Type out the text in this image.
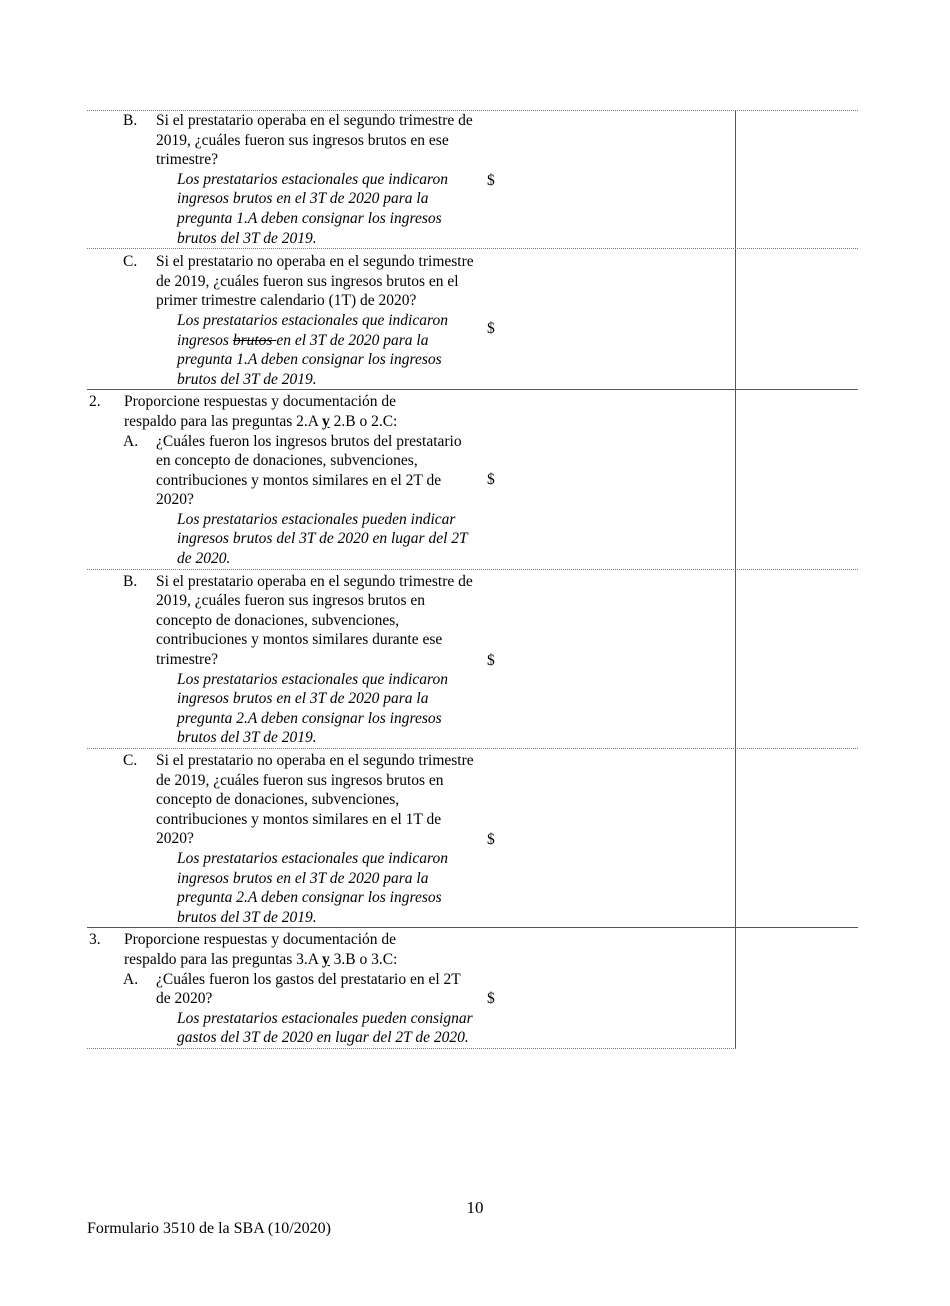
B.	Si el prestatario operaba en el segundo trimestre de 2019, ¿cuáles fueron sus ingresos brutos en ese trimestre?
Los prestatarios estacionales que indicaron ingresos brutos en el 3T de 2020 para la pregunta 1.A deben consignar los ingresos brutos del 3T de 2019.
$
C.	Si el prestatario no operaba en el segundo trimestre de 2019, ¿cuáles fueron sus ingresos brutos en el primer trimestre calendario (1T) de 2020?
Los prestatarios estacionales que indicaron ingresos brutos en el 3T de 2020 para la pregunta 1.A deben consignar los ingresos brutos del 3T de 2019.
$
2.	Proporcione respuestas y documentación de respaldo para las preguntas 2.A y 2.B o 2.C:
A.	¿Cuáles fueron los ingresos brutos del prestatario en concepto de donaciones, subvenciones, contribuciones y montos similares en el 2T de 2020?
Los prestatarios estacionales pueden indicar ingresos brutos del 3T de 2020 en lugar del 2T de 2020.
$
B.	Si el prestatario operaba en el segundo trimestre de 2019, ¿cuáles fueron sus ingresos brutos en concepto de donaciones, subvenciones, contribuciones y montos similares durante ese trimestre?
Los prestatarios estacionales que indicaron ingresos brutos en el 3T de 2020 para la pregunta 2.A deben consignar los ingresos brutos del 3T de 2019.
$
C.	Si el prestatario no operaba en el segundo trimestre de 2019, ¿cuáles fueron sus ingresos brutos en concepto de donaciones, subvenciones, contribuciones y montos similares en el 1T de 2020?
Los prestatarios estacionales que indicaron ingresos brutos en el 3T de 2020 para la pregunta 2.A deben consignar los ingresos brutos del 3T de 2019.
$
3.	Proporcione respuestas y documentación de respaldo para las preguntas 3.A y 3.B o 3.C:
A.	¿Cuáles fueron los gastos del prestatario en el 2T de 2020?
Los prestatarios estacionales pueden consignar gastos del 3T de 2020 en lugar del 2T de 2020.
$
10
Formulario 3510 de la SBA (10/2020)
